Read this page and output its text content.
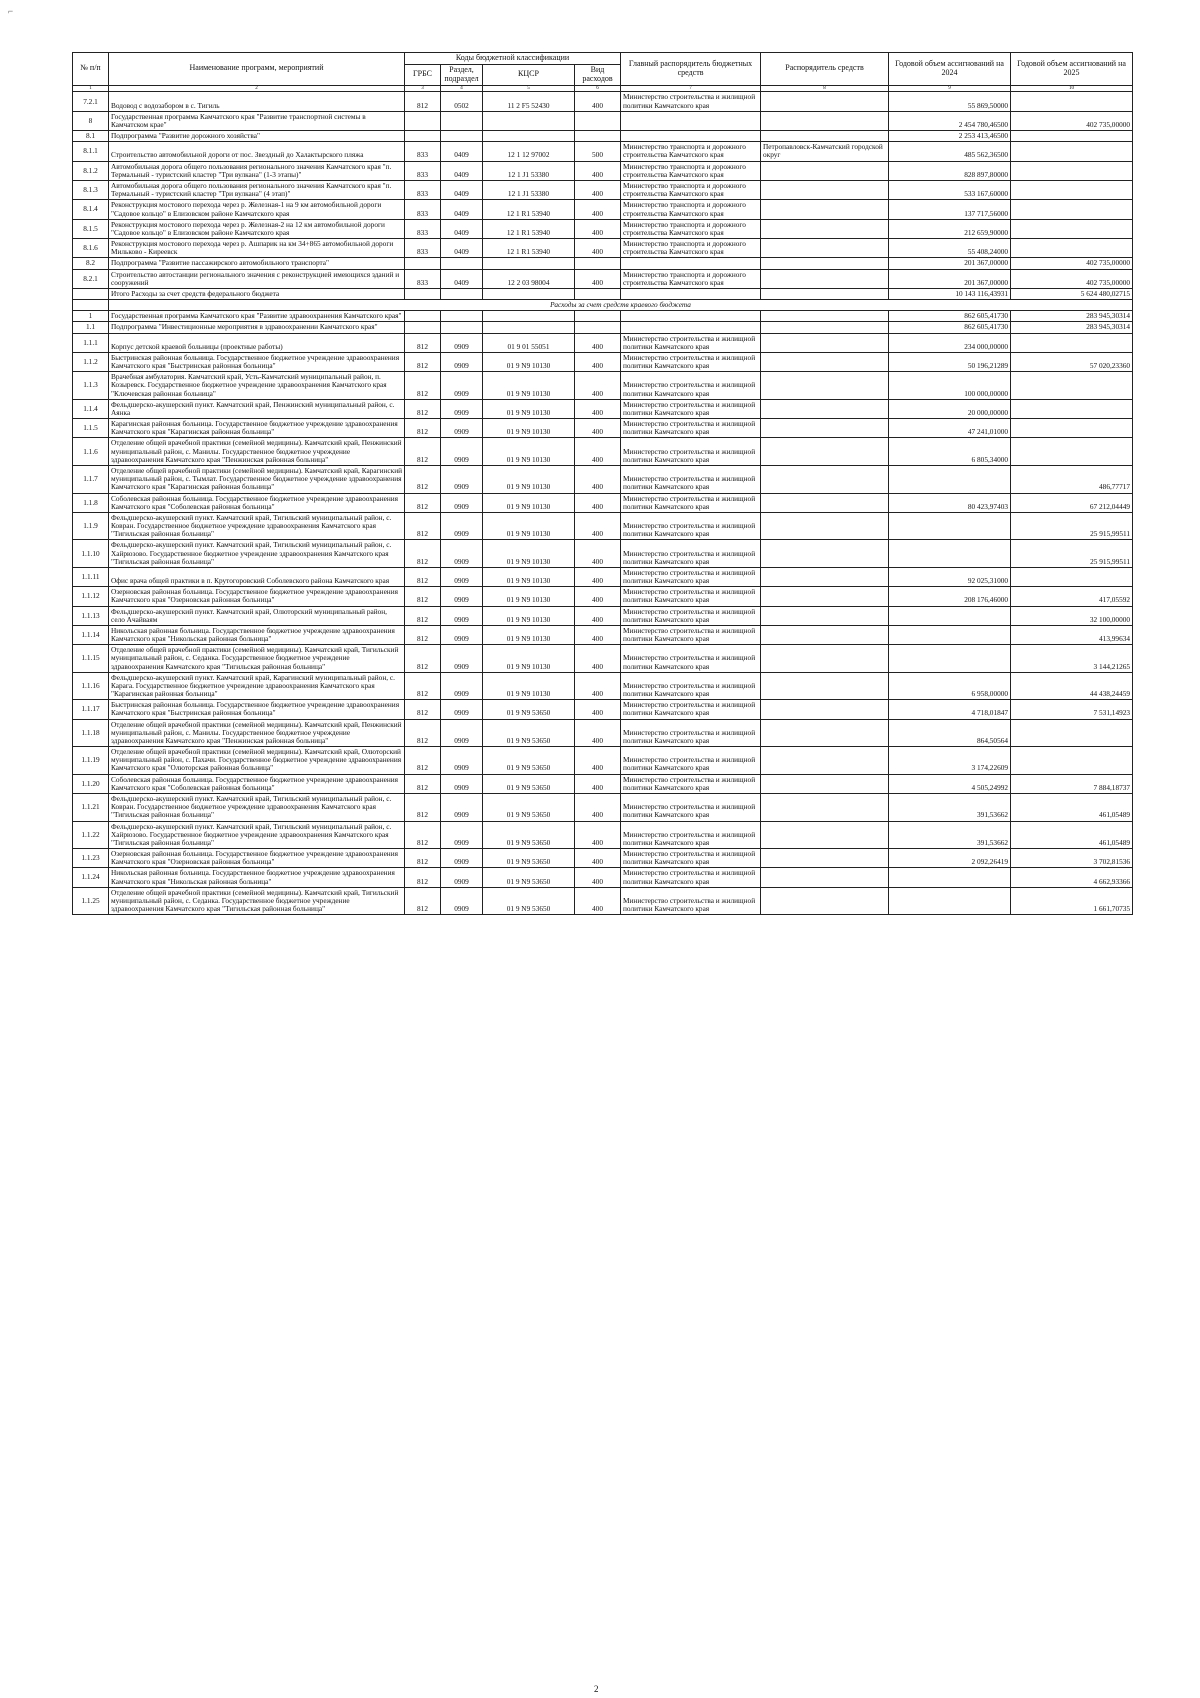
⌐
№ п/п	Наименование программ, мероприятий	Коды бюджетной классификации				Главный распорядитель бюджетных средств	Распорядитель средств	Годовой объем ассигнований на 2024	Годовой объем ассигнований на 2025
		ГРБС	Раздел, подраздел	КЦСР	Вид расходов				
1	2	3	4	5	6	7	8	9	10
7.2.1	Водовод с водозабором в с. Тигиль	812	0502	11 2 F5 52430	400	Министерство строительства и жилищной политики Камчатского края		55 869,50000	
8	Государственная программа Камчатского края "Развитие транспортной системы в Камчатском крае"							2 454 780,46500	402 735,00000
8.1	Подпрограмма "Развитие дорожного хозяйства"							2 253 413,46500	
8.1.1	Строительство автомобильной дороги от пос. Звездный до Халактырского пляжа	833	0409	12 1 12 97002	500	Министерство транспорта и дорожного строительства Камчатского края	Петропавловск-Камчатский городской округ	485 562,36500	
8.1.2	Автомобильная дорога общего пользования регионального значения Камчатского края "п. Термальный - туристский кластер "Три вулкана" (1-3 этапы)"	833	0409	12 1 J1 53380	400	Министерство транспорта и дорожного строительства Камчатского края		828 897,80000	
8.1.3	Автомобильная дорога общего пользования регионального значения Камчатского края "п. Термальный - туристский кластер "Три вулкана" (4 этап)"	833	0409	12 1 J1 53380	400	Министерство транспорта и дорожного строительства Камчатского края		533 167,60000	
8.1.4	Реконструкция мостового перехода через р. Железная-1 на 9 км автомобильной дороги "Садовое кольцо" в Елизовском районе Камчатского края	833	0409	12 1 R1 53940	400	Министерство транспорта и дорожного строительства Камчатского края		137 717,56000	
8.1.5	Реконструкция мостового перехода через р. Железная-2 на 12 км автомобильной дороги "Садовое кольцо" в Елизовском районе Камчатского края	833	0409	12 1 R1 53940	400	Министерство транспорта и дорожного строительства Камчатского края		212 659,90000	
8.1.6	Реконструкция мостового перехода через р. Ашпарик на км 34+865 автомобильной дороги Мильково - Киреевск	833	0409	12 1 R1 53940	400	Министерство транспорта и дорожного строительства Камчатского края		55 408,24000	
8.2	Подпрограмма "Развитие пассажирского автомобильного транспорта"							201 367,00000	402 735,00000
8.2.1	Строительство автостанции регионального значения с реконструкцией имеющихся зданий и сооружений	833	0409	12 2 03 98004	400	Министерство транспорта и дорожного строительства Камчатского края		201 367,00000	402 735,00000
	Итого Расходы за счет средств федерального бюджета							10 143 116,43931	5 624 480,02715
	Расходы за счет средств краевого бюджета								
1	Государственная программа Камчатского края "Развитие здравоохранения Камчатского края"							862 605,41730	283 945,30314
1.1	Подпрограмма "Инвестиционные мероприятия в здравоохранении Камчатского края"							862 605,41730	283 945,30314
1.1.1	Корпус детской краевой больницы (проектные работы)	812	0909	01 9 01 55051	400	Министерство строительства и жилищной политики Камчатского края		234 000,00000	
1.1.2	Быстринская районная больница. Государственное бюджетное учреждение здравоохранения Камчатского края "Быстринская районная больница"	812	0909	01 9 N9 10130	400	Министерство строительства и жилищной политики Камчатского края		50 196,21289	57 020,23360
1.1.3	Врачебная амбулатория. Камчатский край, Усть-Камчатский муниципальный район, п. Козыревск. Государственное бюджетное учреждение здравоохранения Камчатского края "Ключевская районная больница"	812	0909	01 9 N9 10130	400	Министерство строительства и жилищной политики Камчатского края		100 000,00000	
1.1.4	Фельдшерско-акушерский пункт. Камчатский край, Пенжинский муниципальный район, с. Аянка	812	0909	01 9 N9 10130	400	Министерство строительства и жилищной политики Камчатского края		20 000,00000	
1.1.5	Карагинская районная больница. Государственное бюджетное учреждение здравоохранения Камчатского края "Карагинская районная больница"	812	0909	01 9 N9 10130	400	Министерство строительства и жилищной политики Камчатского края		47 241,01000	
1.1.6	Отделение общей врачебной практики (семейной медицины). Камчатский край, Пенжинский муниципальный район, с. Манилы. Государственное бюджетное учреждение здравоохранения Камчатского края "Пенжинская районная больница"	812	0909	01 9 N9 10130	400	Министерство строительства и жилищной политики Камчатского края		6 805,34000	
1.1.7	Отделение общей врачебной практики (семейной медицины). Камчатский край, Карагинский муниципальный район, с. Тымлат. Государственное бюджетное учреждение здравоохранения Камчатского края "Карагинская районная больница"	812	0909	01 9 N9 10130	400	Министерство строительства и жилищной политики Камчатского края			486,77717
1.1.8	Соболевская районная больница. Государственное бюджетное учреждение здравоохранения Камчатского края "Соболевская районная больница"	812	0909	01 9 N9 10130	400	Министерство строительства и жилищной политики Камчатского края		80 423,97403	67 212,04449
1.1.9	Фельдшерско-акушерский пункт. Камчатский край, Тигильский муниципальный район, с. Ковран. Государственное бюджетное учреждение здравоохранения Камчатского края "Тигильская районная больница"	812	0909	01 9 N9 10130	400	Министерство строительства и жилищной политики Камчатского края			25 915,99511
1.1.10	Фельдшерско-акушерский пункт. Камчатский край, Тигильский муниципальный район, с. Хайрюзово. Государственное бюджетное учреждение здравоохранения Камчатского края "Тигильская районная больница"	812	0909	01 9 N9 10130	400	Министерство строительства и жилищной политики Камчатского края			25 915,99511
1.1.11	Офис врача общей практики в п. Крутогоровский Соболевского района Камчатского края	812	0909	01 9 N9 10130	400	Министерство строительства и жилищной политики Камчатского края		92 025,31000	
1.1.12	Озерновская районная больница. Государственное бюджетное учреждение здравоохранения Камчатского края "Озерновская районная больница"	812	0909	01 9 N9 10130	400	Министерство строительства и жилищной политики Камчатского края		208 176,46000	417,05592
1.1.13	Фельдшерско-акушерский пункт. Камчатский край, Олюторский муниципальный район, село Ачайваям	812	0909	01 9 N9 10130	400	Министерство строительства и жилищной политики Камчатского края			32 100,00000
1.1.14	Никольская районная больница. Государственное бюджетное учреждение здравоохранения Камчатского края "Никольская районная больница"	812	0909	01 9 N9 10130	400	Министерство строительства и жилищной политики Камчатского края			413,99634
1.1.15	Отделение общей врачебной практики (семейной медицины). Камчатский край, Тигильский муниципальный район, с. Седанка. Государственное бюджетное учреждение здравоохранения Камчатского края "Тигильская районная больница"	812	0909	01 9 N9 10130	400	Министерство строительства и жилищной политики Камчатского края			3 144,21265
1.1.16	Фельдшерско-акушерский пункт. Камчатский край, Карагинский муниципальный район, с. Карага. Государственное бюджетное учреждение здравоохранения Камчатского края "Карагинская районная больница"	812	0909	01 9 N9 10130	400	Министерство строительства и жилищной политики Камчатского края		6 958,00000	44 438,24459
1.1.17	Быстринская районная больница. Государственное бюджетное учреждение здравоохранения Камчатского края "Быстринская районная больница"	812	0909	01 9 N9 53650	400	Министерство строительства и жилищной политики Камчатского края		4 718,01847	7 531,14923
1.1.18	Отделение общей врачебной практики (семейной медицины). Камчатский край, Пенжинский муниципальный район, с. Манилы. Государственное бюджетное учреждение здравоохранения Камчатского края "Пенжинская районная больница"	812	0909	01 9 N9 53650	400	Министерство строительства и жилищной политики Камчатского края		864,50564	
1.1.19	Отделение общей врачебной практики (семейной медицины). Камчатский край, Олюторский муниципальный район, с. Пахачи. Государственное бюджетное учреждение здравоохранения Камчатского края "Олюторская районная больница"	812	0909	01 9 N9 53650	400	Министерство строительства и жилищной политики Камчатского края		3 174,22609	
1.1.20	Соболевская районная больница. Государственное бюджетное учреждение здравоохранения Камчатского края "Соболевская районная больница"	812	0909	01 9 N9 53650	400	Министерство строительства и жилищной политики Камчатского края		4 505,24992	7 884,18737
1.1.21	Фельдшерско-акушерский пункт. Камчатский край, Тигильский муниципальный район, с. Ковран. Государственное бюджетное учреждение здравоохранения Камчатского края "Тигильская районная больница"	812	0909	01 9 N9 53650	400	Министерство строительства и жилищной политики Камчатского края		391,53662	461,05489
1.1.22	Фельдшерско-акушерский пункт. Камчатский край, Тигильский муниципальный район, с. Хайрюзово. Государственное бюджетное учреждение здравоохранения Камчатского края "Тигильская районная больница"	812	0909	01 9 N9 53650	400	Министерство строительства и жилищной политики Камчатского края		391,53662	461,05489
1.1.23	Озерновская районная больница. Государственное бюджетное учреждение здравоохранения Камчатского края "Озерновская районная больница"	812	0909	01 9 N9 53650	400	Министерство строительства и жилищной политики Камчатского края		2 092,26419	3 702,81536
1.1.24	Никольская районная больница. Государственное бюджетное учреждение здравоохранения Камчатского края "Никольская районная больница"	812	0909	01 9 N9 53650	400	Министерство строительства и жилищной политики Камчатского края			4 662,93366
1.1.25	Отделение общей врачебной практики (семейной медицины). Камчатский край, Тигильский муниципальный район, с. Седанка. Государственное бюджетное учреждение здравоохранения Камчатского края "Тигильская районная больница"	812	0909	01 9 N9 53650	400	Министерство строительства и жилищной политики Камчатского края			1 661,70735
2
